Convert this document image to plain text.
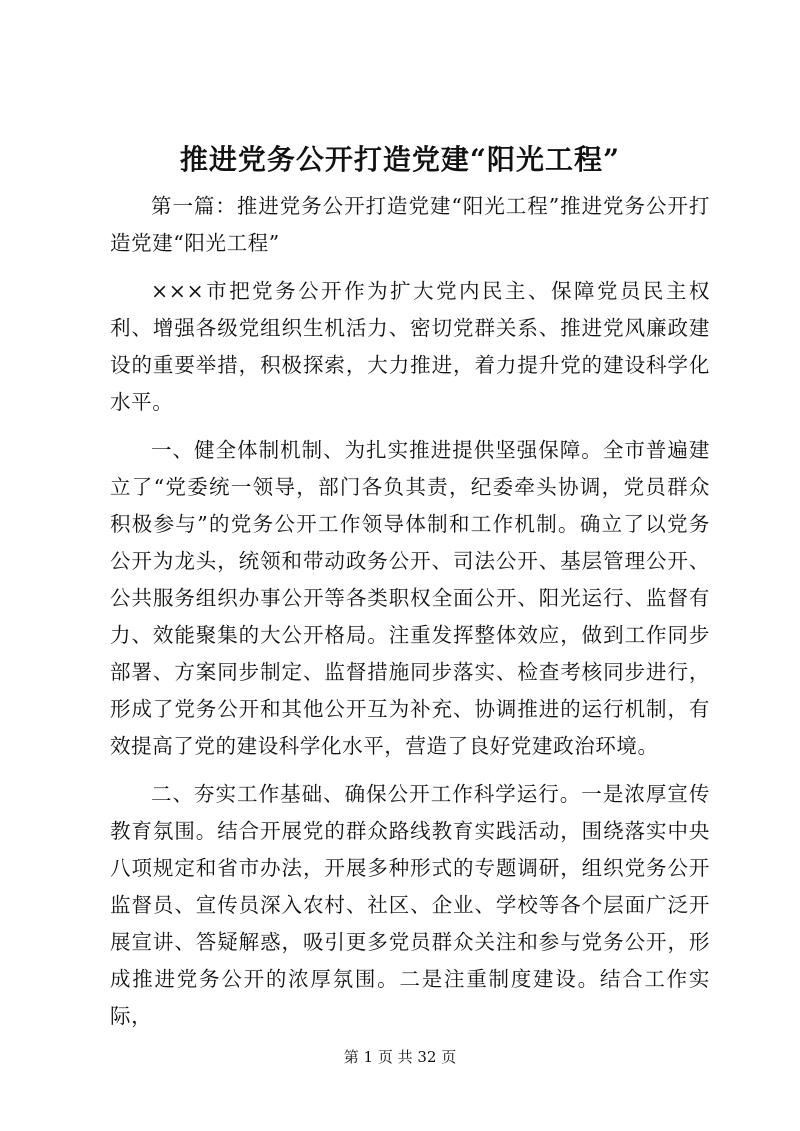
推进党务公开打造党建“阳光工程”

第一篇：推进党务公开打造党建“阳光工程”推进党务公开打造党建“阳光工程”

×××市把党务公开作为扩大党内民主、保障党员民主权利、增强各级党组织生机活力、密切党群关系、推进党风廉政建设的重要举措，积极探索，大力推进，着力提升党的建设科学化水平。

一、健全体制机制、为扎实推进提供坚强保障。全市普遍建立了“党委统一领导，部门各负其责，纪委牵头协调，党员群众积极参与”的党务公开工作领导体制和工作机制。确立了以党务公开为龙头，统领和带动政务公开、司法公开、基层管理公开、公共服务组织办事公开等各类职权全面公开、阳光运行、监督有力、效能聚集的大公开格局。注重发挥整体效应，做到工作同步部署、方案同步制定、监督措施同步落实、检查考核同步进行，形成了党务公开和其他公开互为补充、协调推进的运行机制，有效提高了党的建设科学化水平，营造了良好党建政治环境。

二、夯实工作基础、确保公开工作科学运行。一是浓厚宣传教育氛围。结合开展党的群众路线教育实践活动，围绕落实中央八项规定和省市办法，开展多种形式的专题调研，组织党务公开监督员、宣传员深入农村、社区、企业、学校等各个层面广泛开展宣讲、答疑解惑，吸引更多党员群众关注和参与党务公开，形成推进党务公开的浓厚氛围。二是注重制度建设。结合工作实际，

第 1 页 共 32 页
